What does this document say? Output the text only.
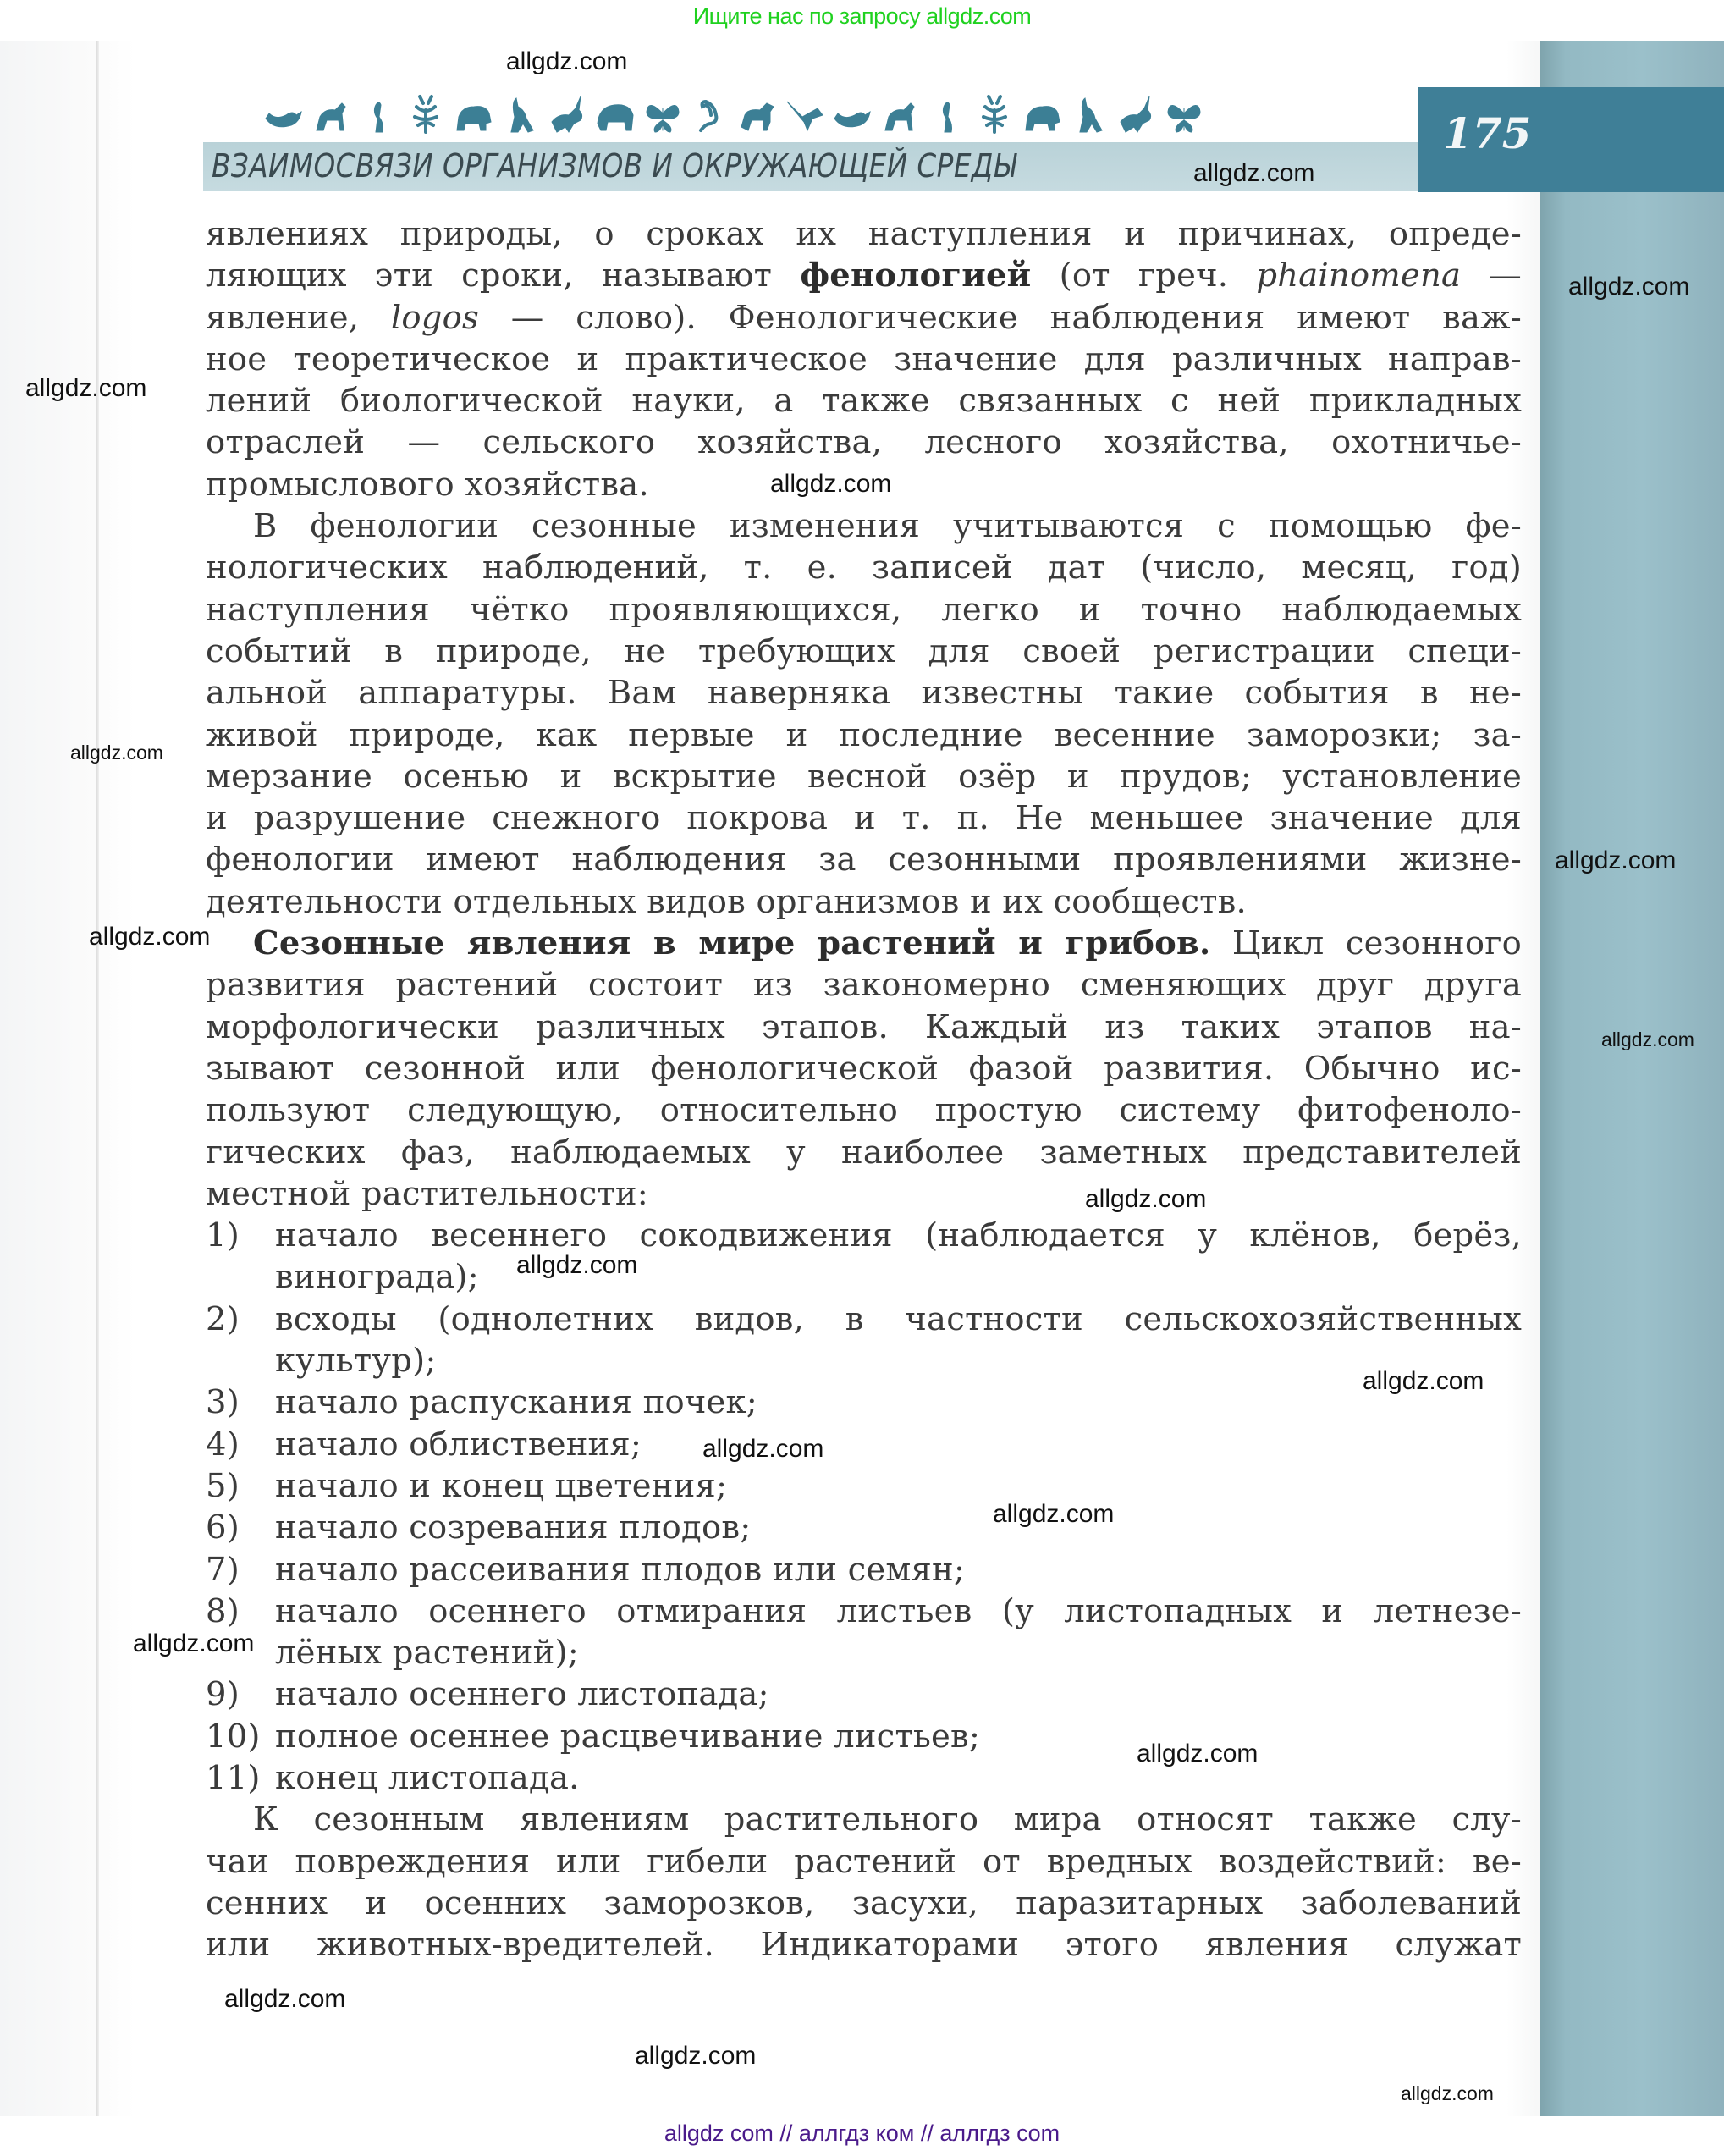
Ищите нас по запросу allgdz.com
ВЗАИМОСВЯЗИ ОРГАНИЗМОВ И ОКРУЖАЮЩЕЙ СРЕДЫ
175
явлениях природы, о сроках их наступления и причинах, опреде-
ляющих эти сроки, называют фенологией (от греч. phainomena —
явление, logos — слово). Фенологические наблюдения имеют важ-
ное теоретическое и практическое значение для различных направ-
лений биологической науки, а также связанных с ней прикладных
отраслей — сельского хозяйства, лесного хозяйства, охотничье-
промыслового хозяйства.
В фенологии сезонные изменения учитываются с помощью фе-
нологических наблюдений, т. е. записей дат (число, месяц, год)
наступления чётко проявляющихся, легко и точно наблюдаемых
событий в природе, не требующих для своей регистрации специ-
альной аппаратуры. Вам наверняка известны такие события в не-
живой природе, как первые и последние весенние заморозки; за-
мерзание осенью и вскрытие весной озёр и прудов; установление
и разрушение снежного покрова и т. п. Не меньшее значение для
фенологии имеют наблюдения за сезонными проявлениями жизне-
деятельности отдельных видов организмов и их сообществ.
Сезонные явления в мире растений и грибов. Цикл сезонного
развития растений состоит из закономерно сменяющих друг друга
морфологически различных этапов. Каждый из таких этапов на-
зывают сезонной или фенологической фазой развития. Обычно ис-
пользуют следующую, относительно простую систему фитофеноло-
гических фаз, наблюдаемых у наиболее заметных представителей
местной растительности:
1)	начало весеннего сокодвижения (наблюдается у клёнов, берёз,
винограда);
2)	всходы (однолетних видов, в частности сельскохозяйственных
культур);
3)	начало распускания почек;
4)	начало облиствения;
5)	начало и конец цветения;
6)	начало созревания плодов;
7)	начало рассеивания плодов или семян;
8)	начало осеннего отмирания листьев (у листопадных и летнезе-
лёных растений);
9)	начало осеннего листопада;
10) полное осеннее расцвечивание листьев;
11) конец листопада.
К сезонным явлениям растительного мира относят также слу-
чаи повреждения или гибели растений от вредных воздействий: ве-
сенних и осенних заморозков, засухи, паразитарных заболеваний
или животных-вредителей. Индикаторами этого явления служат
allgdz.com
allgdz.com
allgdz.com
allgdz.com
allgdz.com
allgdz.com
allgdz.com
allgdz.com
allgdz.com
allgdz.com
allgdz.com
allgdz.com
allgdz.com
allgdz.com
allgdz.com
allgdz.com
allgdz.com
allgdz.com
allgdz.com
allgdz com // аллгдз ком // аллгдз com
